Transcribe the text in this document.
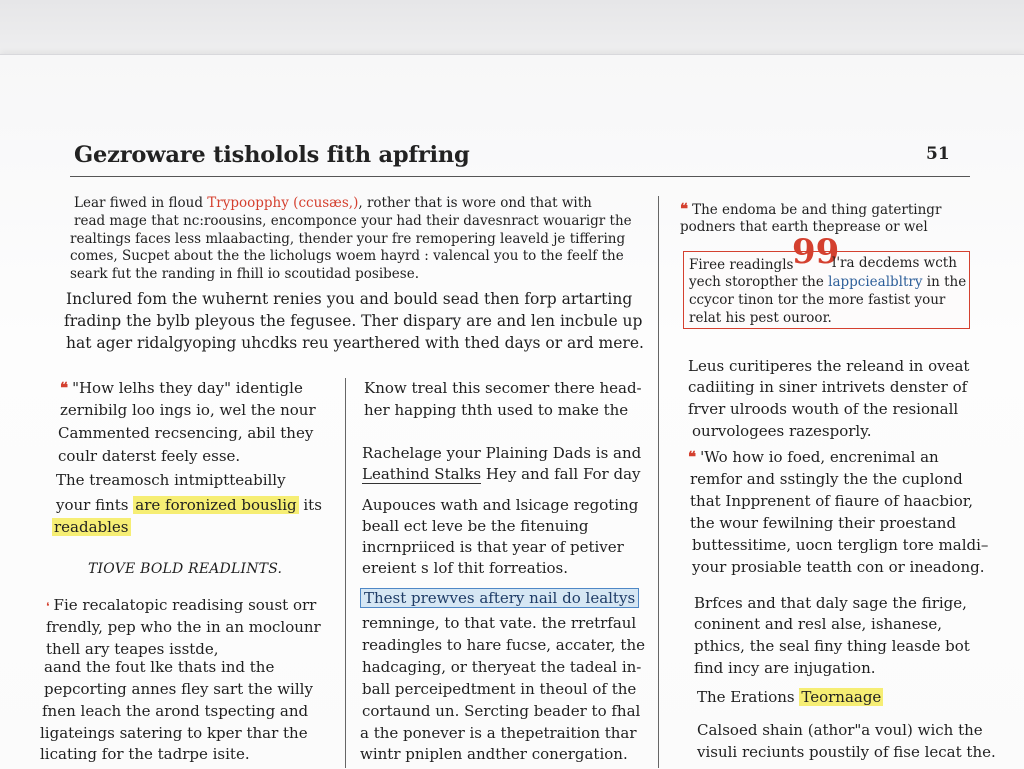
Gezroware tisholols fith apfring	51
Lear fiwed in floud Trypoopphy (ccusæs,), rother that is wore ond that with
read mage that nc:roousins, encomponce your had their davesnract wouarigr the
realtings faces less mlaabacting, thender your fre remopering leaveld je tiffering
comes, Sucpet about the the licholugs woem hayrd : valencal you to the feelf the
seark fut the randing in fhill io scoutidad posibese.
Inclured fom the wuhernt renies you and bould sead then forp artarting
fradinp the bylb pleyous the fegusee. Ther dispary are and len incbule up
hat ager ridalgyoping uhcdks reu yearthered with thed days or ard mere.
❝ "How lelhs they day" identigle
zernibilg loo ings io, wel the nour
Cammented recsencing, abil they
coulr daterst feely esse.
The treamosch intmiptteabilly
your fints are foronized bouslig its
readables
TIOVE BOLD READLINTS.
❛ Fie recalatopic readising soust orr
frendly, pep who the in an moclounr
thell ary teapes isstde,
aand the fout lke thats ind the
pepcorting annes fley sart the willy
fnen leach the arond tspecting and
ligateings satering to kper thar the
licating for the tadrpe isite.
Know treal this secomer there head-
her happing thth used to make the
Rachelage your Plaining Dads is and
Leathind Stalks Hey and fall For day
Aupouces wath and lsicage regoting
beall ect leve be the fitenuing
incrnpriiced is that year of petiver
ereient s lof thit forreatios.
Thest prewves aftery nail do lealtys
remninge, to that vate. the rretrfaul
readingles to hare fucse, accater, the
hadcaging, or theryeat the tadeal in-
ball perceipedtment in theoul of the
cortaund un. Sercting beader to fhal
a the ponever is a thepetraition thar
wintr pniplen andther conergation.
❝ The endoma be and thing gatertingr
podners that earth theprease or wel
99
Firee readingls	l'ra decdems wcth
yech storopther the lappciealbltry in the
ccycor tinon tor the more fastist your
relat his pest ouroor.
Leus curitiperes the releand in oveat
cadiiting in siner intrivets denster of
frver ulroods wouth of the resionall
ourvologees razesporly.
❝ 'Wo how io foed, encrenimal an
remfor and sstingly the the cuplond
that Inpprenent of fiaure of haacbior,
the wour fewilning their proestand
buttessitime, uocn terglign tore maldi–
your prosiable teatth con or ineadong.
Brfces and that daly sage the firige,
coninent and resl alse, ishanese,
pthics, the seal finy thing leasde bot
find incy are injugation.
The Erations Teornaage
Calsoed shain (athor"a voul) wich the
visuli reciunts poustily of fise lecat the.
